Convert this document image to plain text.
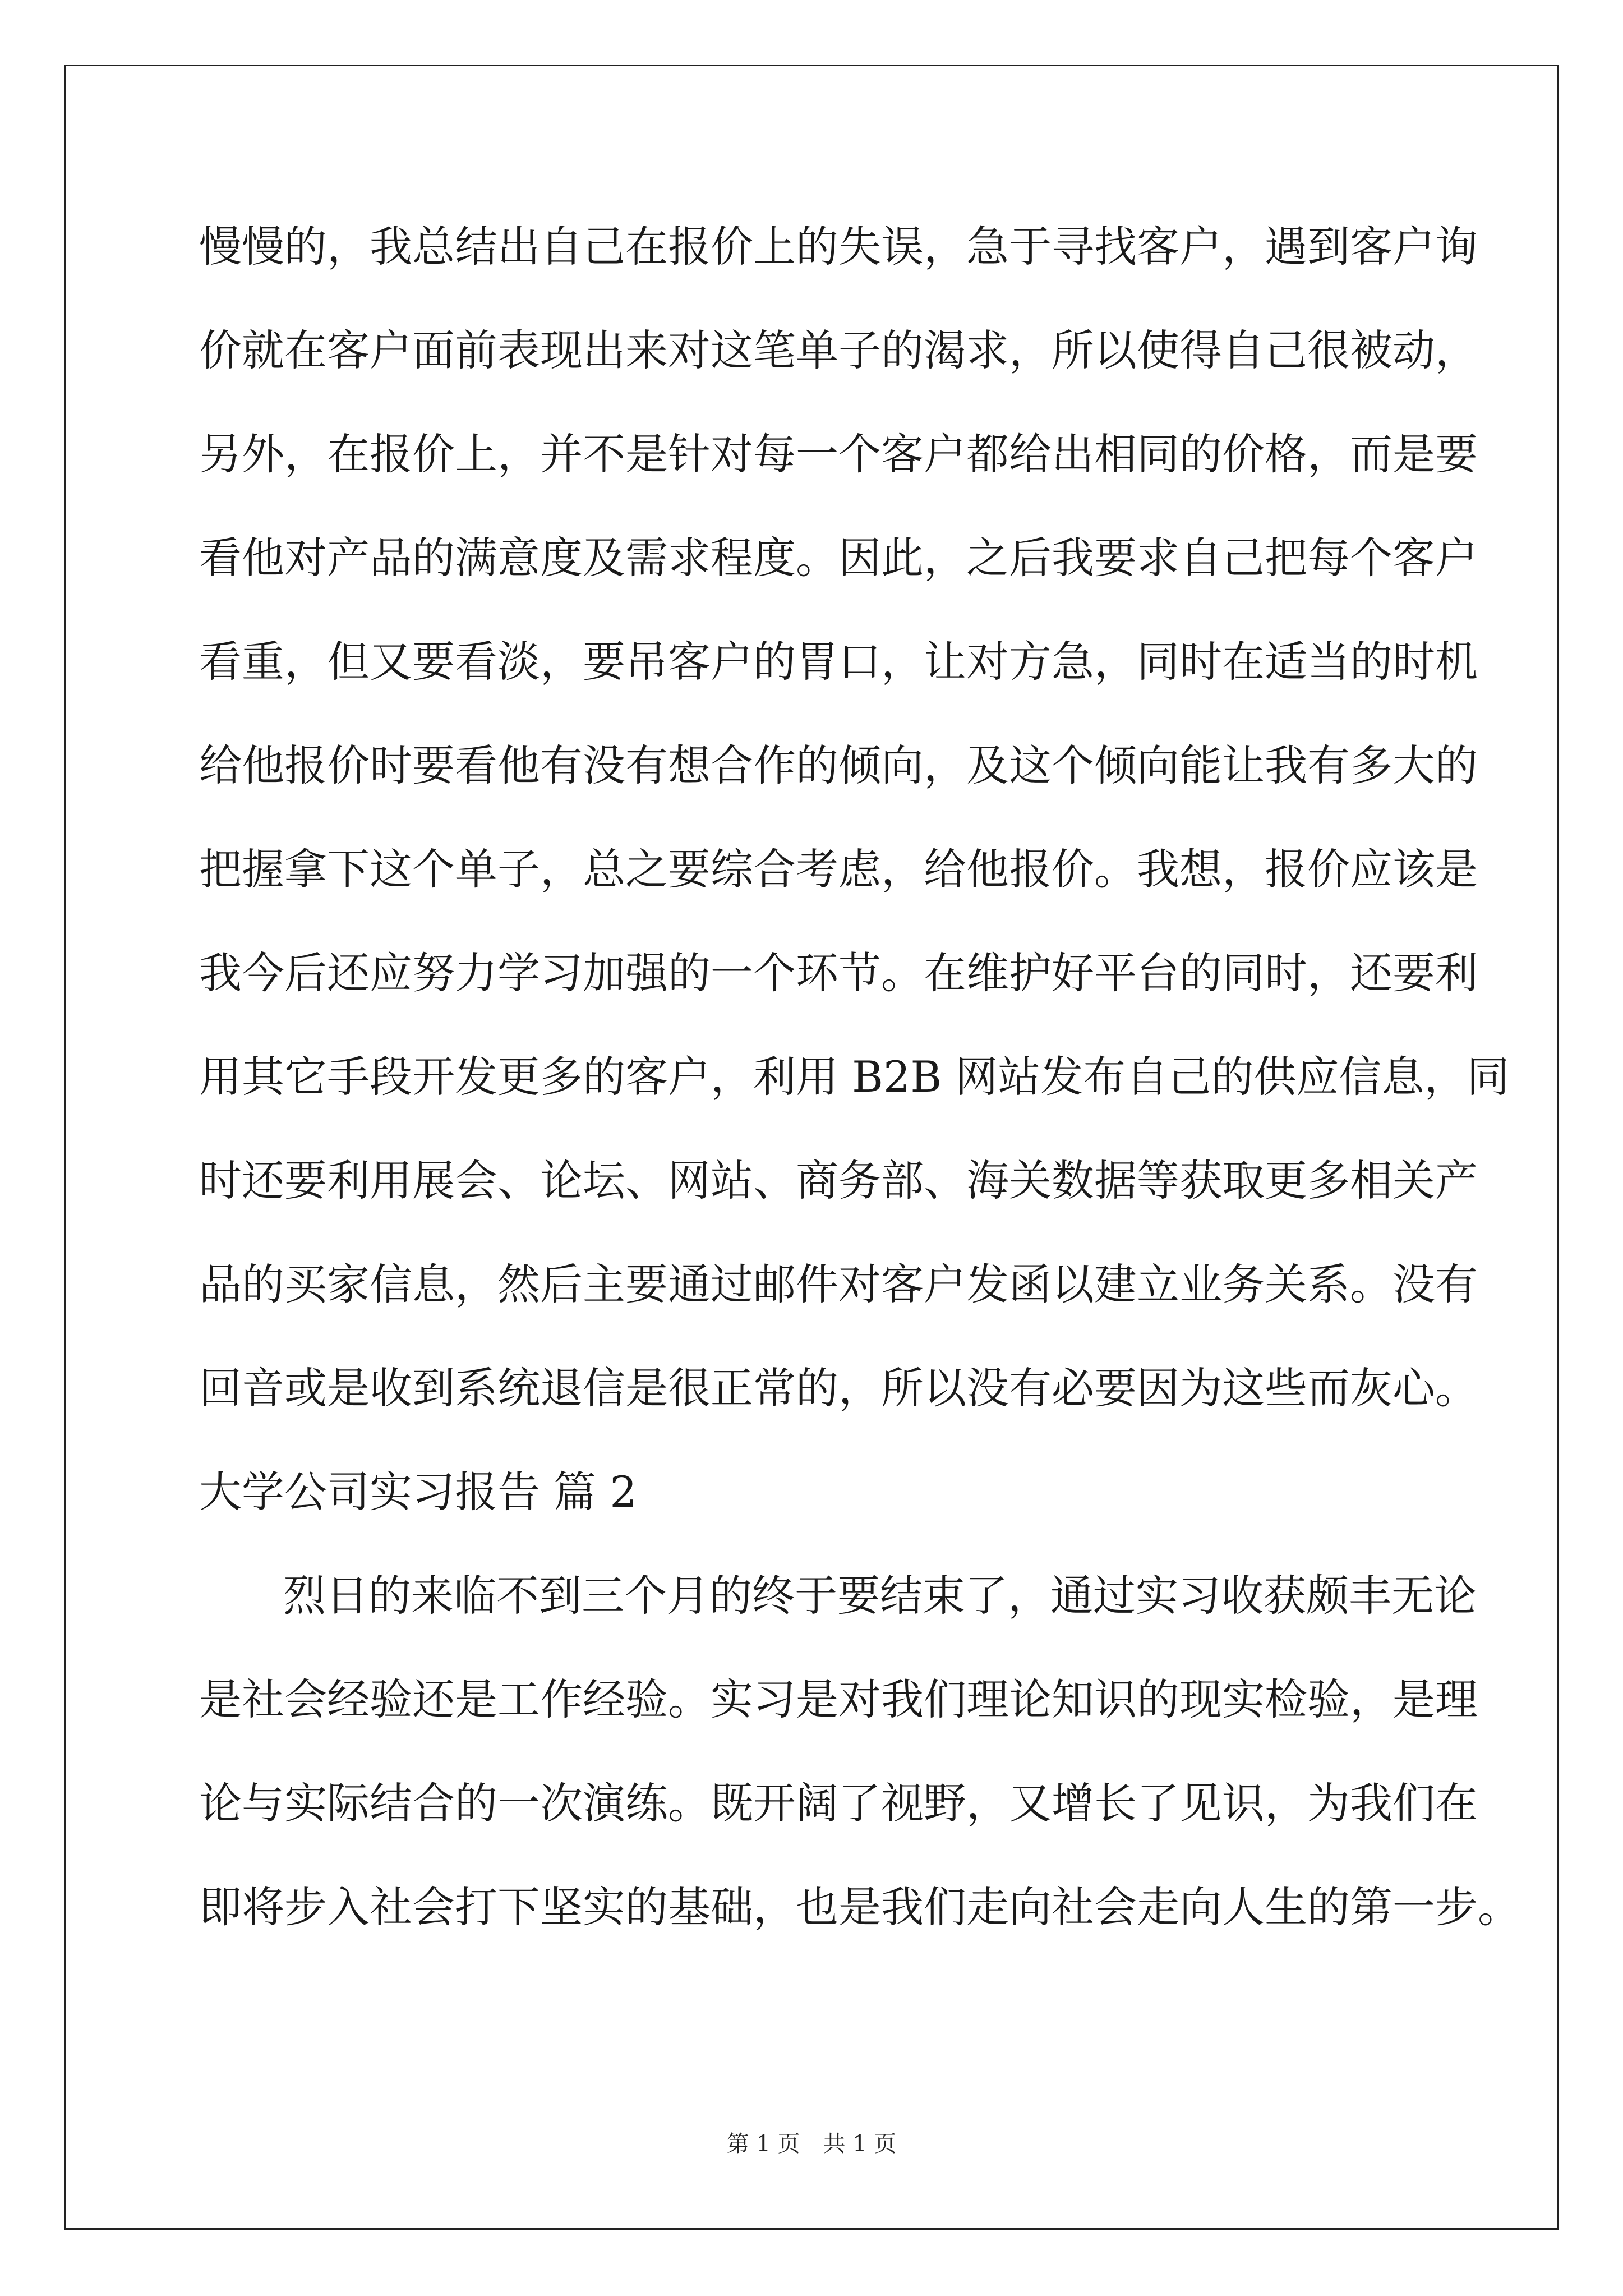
慢慢的，我总结出自己在报价上的失误，急于寻找客户，遇到客户询

价就在客户面前表现出来对这笔单子的渴求，所以使得自己很被动，

另外，在报价上，并不是针对每一个客户都给出相同的价格，而是要

看他对产品的满意度及需求程度。因此，之后我要求自己把每个客户

看重，但又要看淡，要吊客户的胃口，让对方急，同时在适当的时机

给他报价时要看他有没有想合作的倾向，及这个倾向能让我有多大的

把握拿下这个单子，总之要综合考虑，给他报价。我想，报价应该是

我今后还应努力学习加强的一个环节。在维护好平台的同时，还要利

用其它手段开发更多的客户，利用 B2B 网站发布自己的供应信息，同

时还要利用展会、论坛、网站、商务部、海关数据等获取更多相关产

品的买家信息，然后主要通过邮件对客户发函以建立业务关系。没有

回音或是收到系统退信是很正常的，所以没有必要因为这些而灰心。

大学公司实习报告 篇 2

烈日的来临不到三个月的终于要结束了，通过实习收获颇丰无论

是社会经验还是工作经验。实习是对我们理论知识的现实检验，是理

论与实际结合的一次演练。既开阔了视野，又增长了见识，为我们在

即将步入社会打下坚实的基础，也是我们走向社会走向人生的第一步。

第 1 页 共 1 页
